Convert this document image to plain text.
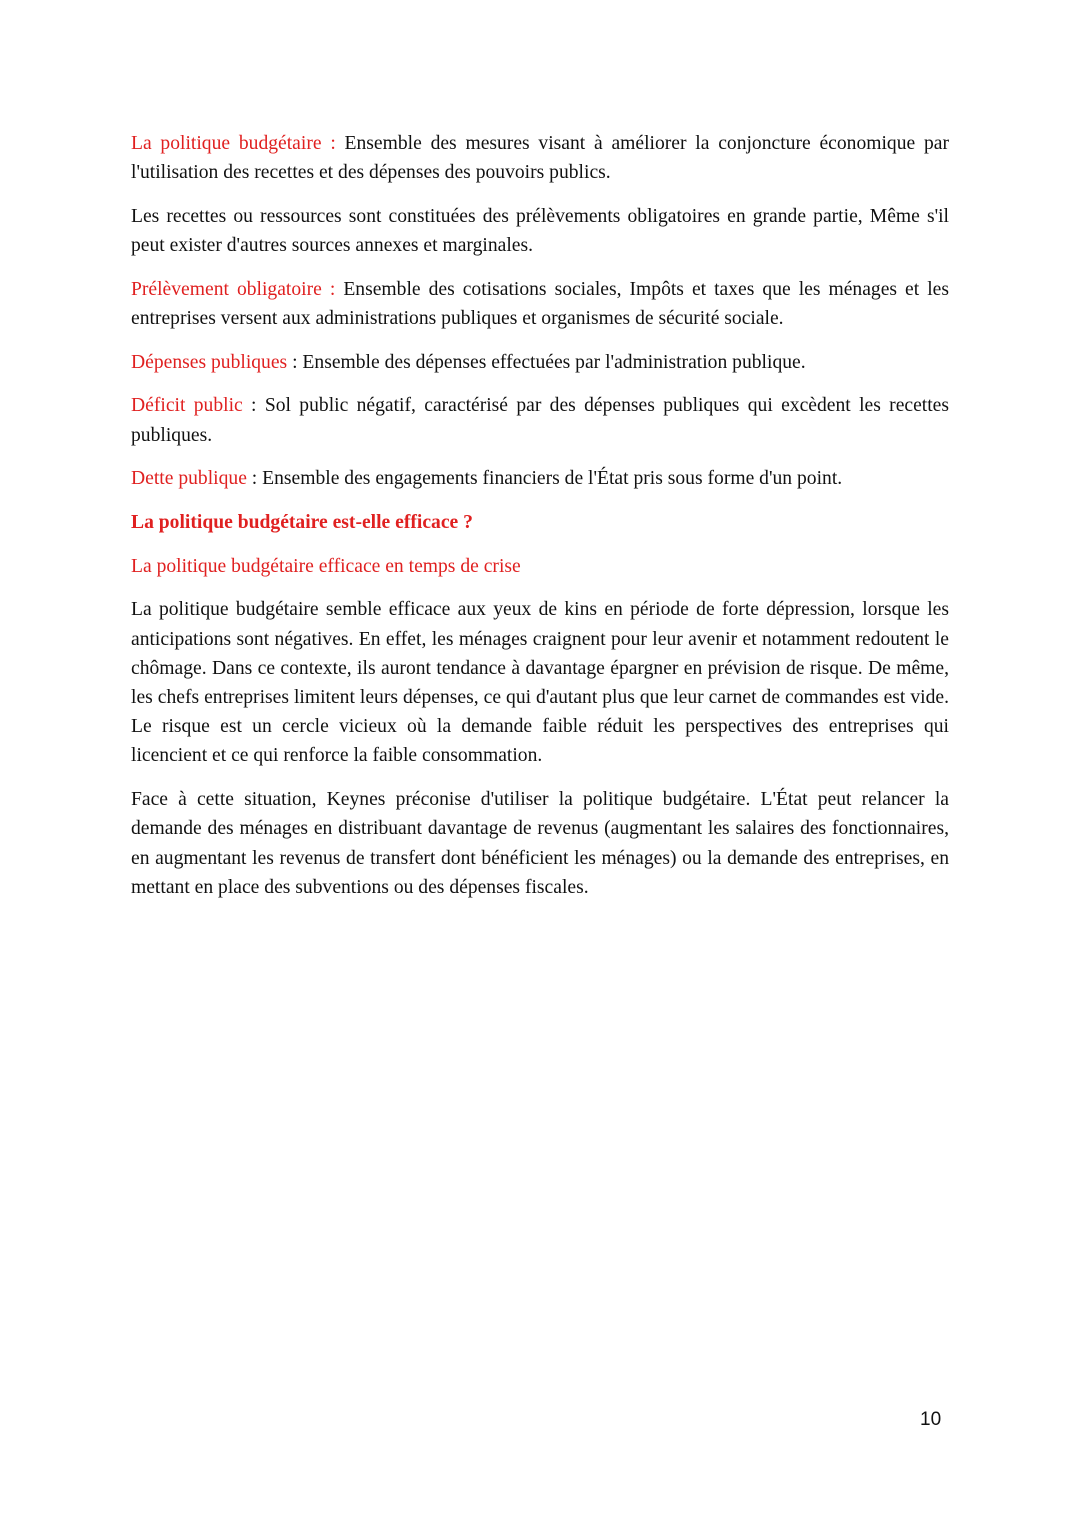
La politique budgétaire : Ensemble des mesures visant à améliorer la conjoncture économique par l'utilisation des recettes et des dépenses des pouvoirs publics.

Les recettes ou ressources sont constituées des prélèvements obligatoires en grande partie, Même s'il peut exister d'autres sources annexes et marginales.

Prélèvement obligatoire : Ensemble des cotisations sociales, Impôts et taxes que les ménages et les entreprises versent aux administrations publiques et organismes de sécurité sociale.

Dépenses publiques : Ensemble des dépenses effectuées par l'administration publique.

Déficit public : Sol public négatif, caractérisé par des dépenses publiques qui excèdent les recettes publiques.

Dette publique : Ensemble des engagements financiers de l'État pris sous forme d'un point.

La politique budgétaire est-elle efficace ?

La politique budgétaire efficace en temps de crise

La politique budgétaire semble efficace aux yeux de kins en période de forte dépression, lorsque les anticipations sont négatives. En effet, les ménages craignent pour leur avenir et notamment redoutent le chômage. Dans ce contexte, ils auront tendance à davantage épargner en prévision de risque. De même, les chefs entreprises limitent leurs dépenses, ce qui d'autant plus que leur carnet de commandes est vide. Le risque est un cercle vicieux où la demande faible réduit les perspectives des entreprises qui licencient et ce qui renforce la faible consommation.

Face à cette situation, Keynes préconise d'utiliser la politique budgétaire. L'État peut relancer la demande des ménages en distribuant davantage de revenus (augmentant les salaires des fonctionnaires, en augmentant les revenus de transfert dont bénéficient les ménages) ou la demande des entreprises, en mettant en place des subventions ou des dépenses fiscales.

10
